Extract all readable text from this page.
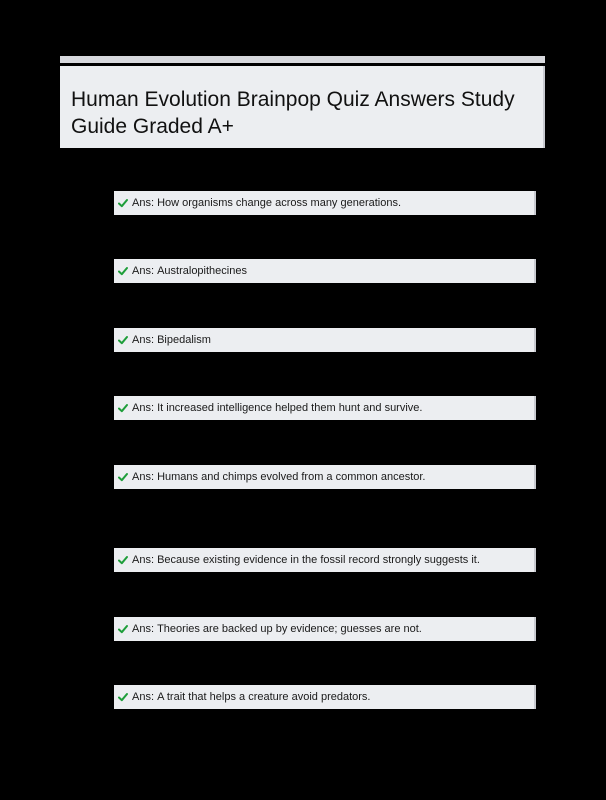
Human Evolution Brainpop Quiz Answers Study Guide Graded A+
Ans:
How organisms change across many generations.
Ans:
Australopithecines
Ans:
Bipedalism
Ans:
It increased intelligence helped them hunt and survive.
Ans:
Humans and chimps evolved from a common ancestor.
Ans:
Because existing evidence in the fossil record strongly suggests it.
Ans:
Theories are backed up by evidence; guesses are not.
Ans:
A trait that helps a creature avoid predators.
